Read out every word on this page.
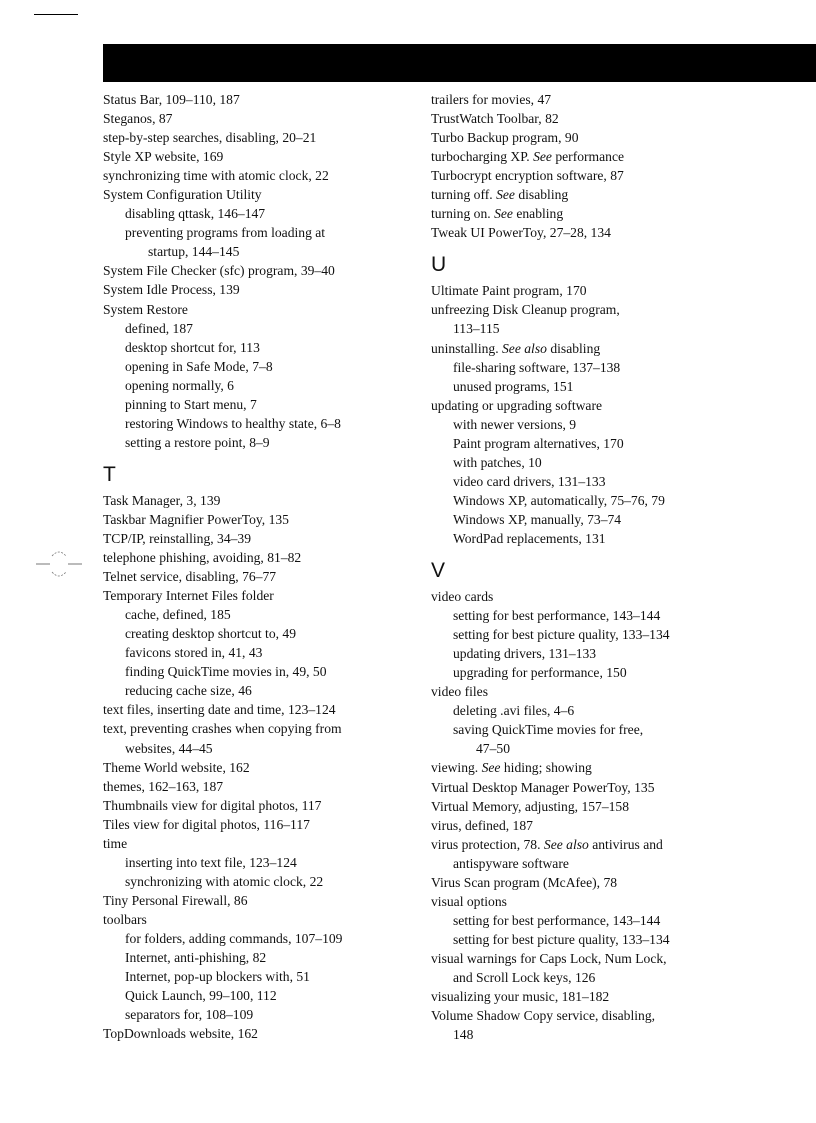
Status Bar, 109–110, 187
Steganos, 87
step-by-step searches, disabling, 20–21
Style XP website, 169
synchronizing time with atomic clock, 22
System Configuration Utility
disabling qttask, 146–147
preventing programs from loading at
startup, 144–145
System File Checker (sfc) program, 39–40
System Idle Process, 139
System Restore
defined, 187
desktop shortcut for, 113
opening in Safe Mode, 7–8
opening normally, 6
pinning to Start menu, 7
restoring Windows to healthy state, 6–8
setting a restore point, 8–9
T
Task Manager, 3, 139
Taskbar Magnifier PowerToy, 135
TCP/IP, reinstalling, 34–39
telephone phishing, avoiding, 81–82
Telnet service, disabling, 76–77
Temporary Internet Files folder
cache, defined, 185
creating desktop shortcut to, 49
favicons stored in, 41, 43
finding QuickTime movies in, 49, 50
reducing cache size, 46
text files, inserting date and time, 123–124
text, preventing crashes when copying from
websites, 44–45
Theme World website, 162
themes, 162–163, 187
Thumbnails view for digital photos, 117
Tiles view for digital photos, 116–117
time
inserting into text file, 123–124
synchronizing with atomic clock, 22
Tiny Personal Firewall, 86
toolbars
for folders, adding commands, 107–109
Internet, anti-phishing, 82
Internet, pop-up blockers with, 51
Quick Launch, 99–100, 112
separators for, 108–109
TopDownloads website, 162
trailers for movies, 47
TrustWatch Toolbar, 82
Turbo Backup program, 90
turbocharging XP. See performance
Turbocrypt encryption software, 87
turning off. See disabling
turning on. See enabling
Tweak UI PowerToy, 27–28, 134
U
Ultimate Paint program, 170
unfreezing Disk Cleanup program,
113–115
uninstalling. See also disabling
file-sharing software, 137–138
unused programs, 151
updating or upgrading software
with newer versions, 9
Paint program alternatives, 170
with patches, 10
video card drivers, 131–133
Windows XP, automatically, 75–76, 79
Windows XP, manually, 73–74
WordPad replacements, 131
V
video cards
setting for best performance, 143–144
setting for best picture quality, 133–134
updating drivers, 131–133
upgrading for performance, 150
video files
deleting .avi files, 4–6
saving QuickTime movies for free,
47–50
viewing. See hiding; showing
Virtual Desktop Manager PowerToy, 135
Virtual Memory, adjusting, 157–158
virus, defined, 187
virus protection, 78. See also antivirus and
antispyware software
Virus Scan program (McAfee), 78
visual options
setting for best performance, 143–144
setting for best picture quality, 133–134
visual warnings for Caps Lock, Num Lock,
and Scroll Lock keys, 126
visualizing your music, 181–182
Volume Shadow Copy service, disabling,
148
